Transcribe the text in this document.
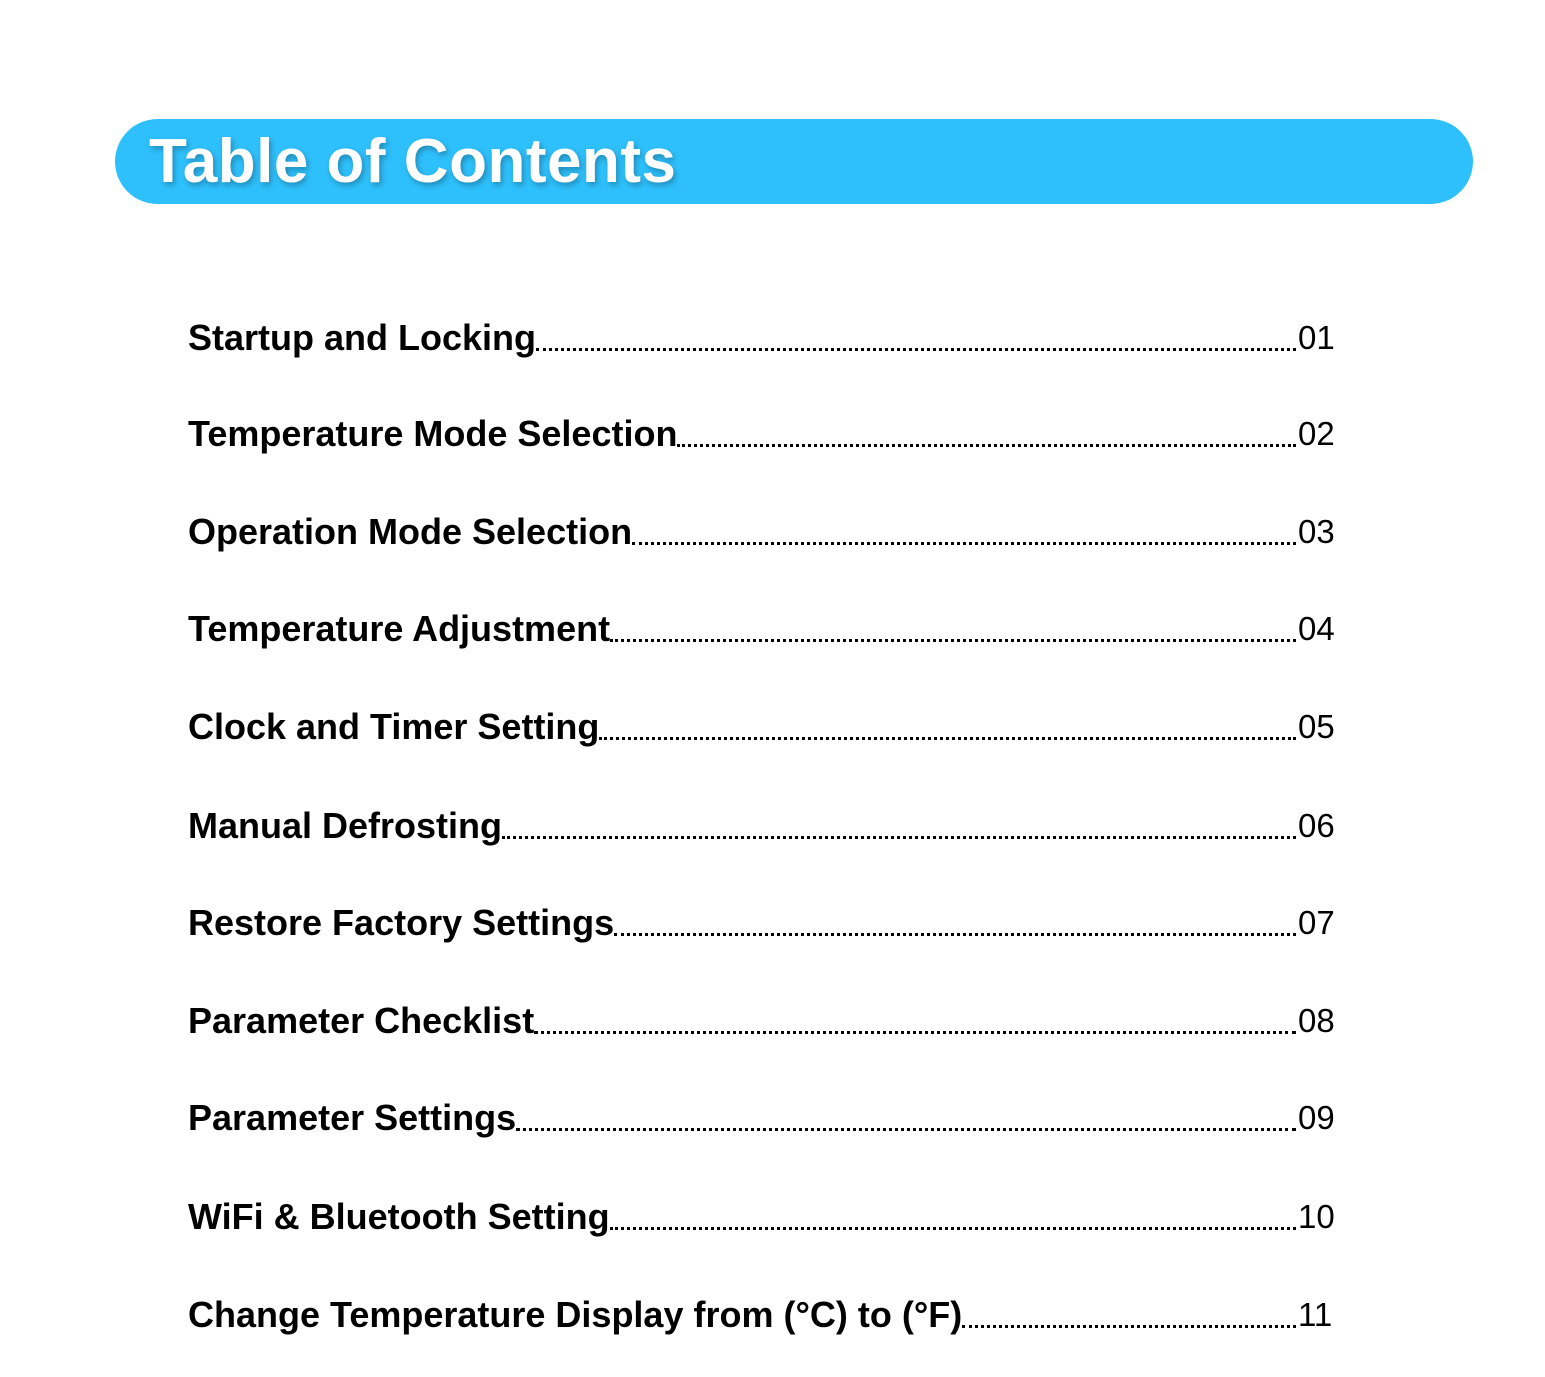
Table of Contents
Startup and Locking	01
Temperature Mode Selection	02
Operation Mode Selection	03
Temperature Adjustment	04
Clock and Timer Setting	05
Manual Defrosting	06
Restore Factory Settings	07
Parameter Checklist	08
Parameter Settings	09
WiFi & Bluetooth Setting	10
Change Temperature Display from (°C) to (°F)	11
